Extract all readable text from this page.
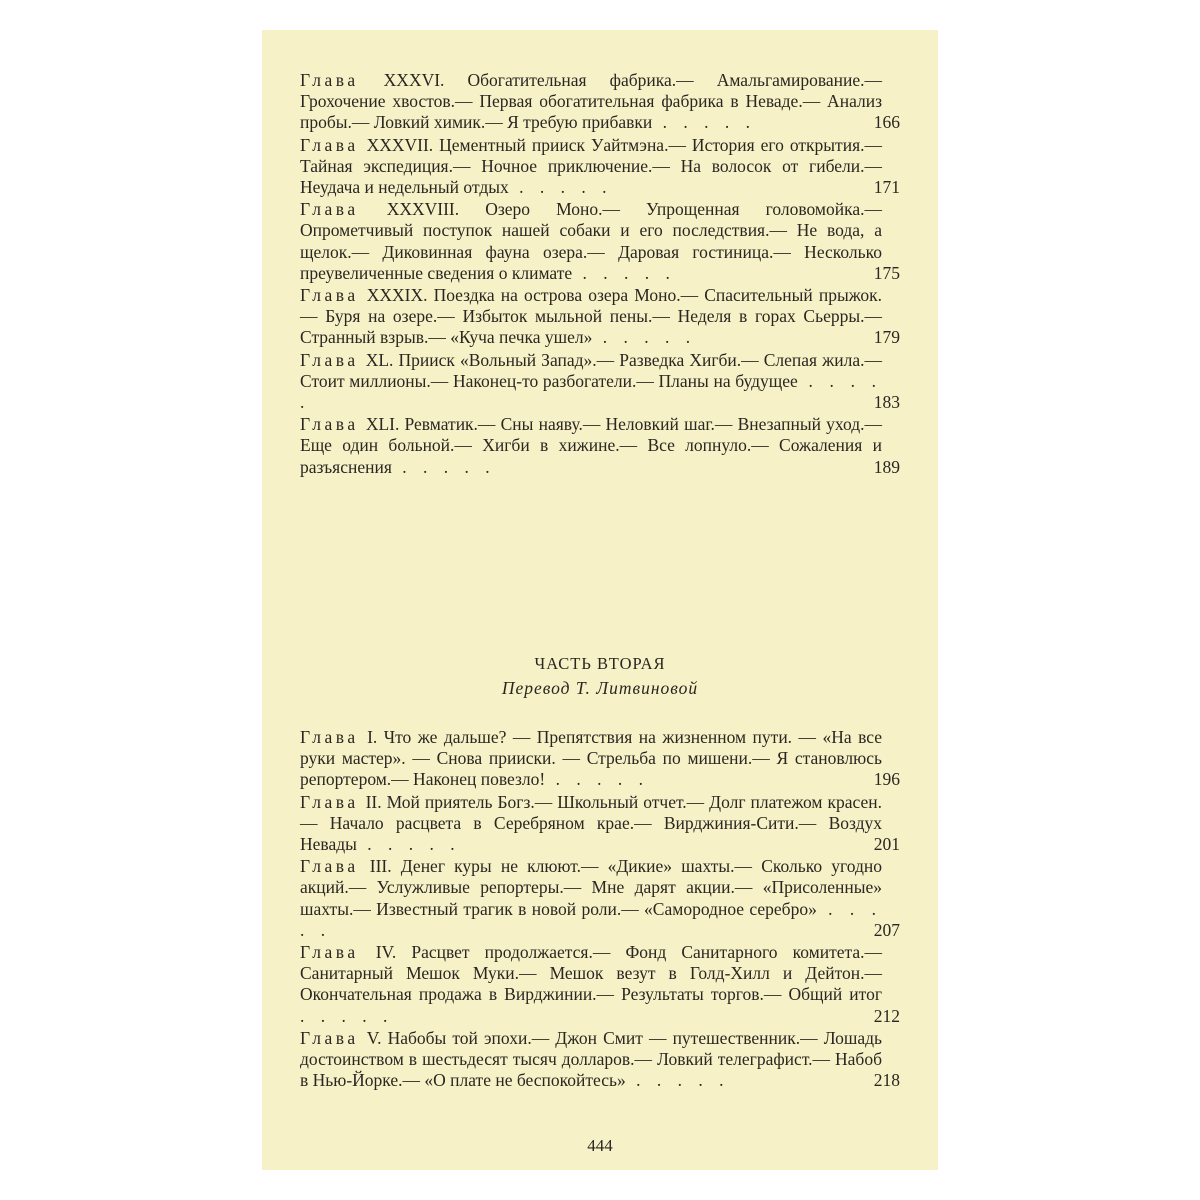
Глава XXXVI. Обогатительная фабрика.— Амальгамирование.— Грохочение хвостов.— Первая обогатительная фабрика в Неваде.— Анализ пробы.— Ловкий химик.— Я требую прибавки . . . . .	166
Глава XXXVII. Цементный прииск Уайтмэна.— История его открытия.— Тайная экспедиция.— Ночное приключение.— На волосок от гибели.— Неудача и недельный отдых . . . . .	171
Глава XXXVIII. Озеро Моно.— Упрощенная головомойка.— Опрометчивый поступок нашей собаки и его последствия.— Не вода, а щелок.— Диковинная фауна озера.— Даровая гостиница.— Несколько преувеличенные сведения о климате . . . . .	175
Глава XXXIX. Поездка на острова озера Моно.— Спасительный прыжок.— Буря на озере.— Избыток мыльной пены.— Неделя в горах Сьерры.— Странный взрыв.— «Куча печка ушел» . . . . .	179
Глава XL. Прииск «Вольный Запад».— Разведка Хигби.— Слепая жила.— Стоит миллионы.— Наконец-то разбогатели.— Планы на будущее . . . . .	183
Глава XLI. Ревматик.— Сны наяву.— Неловкий шаг.— Внезапный уход.— Еще один больной.— Хигби в хижине.— Все лопнуло.— Сожаления и разъяснения . . . . .	189
ЧАСТЬ ВТОРАЯ
Перевод Т. Литвиновой
Глава I. Что же дальше? — Препятствия на жизненном пути. — «На все руки мастер». — Снова прииски. — Стрельба по мишени.— Я становлюсь репортером.— Наконец повезло! . . . . .	196
Глава II. Мой приятель Богз.— Школьный отчет.— Долг платежом красен.— Начало расцвета в Серебряном крае.— Вирджиния-Сити.— Воздух Невады . . . . .	201
Глава III. Денег куры не клюют.— «Дикие» шахты.— Сколько угодно акций.— Услужливые репортеры.— Мне дарят акции.— «Присоленные» шахты.— Известный трагик в новой роли.— «Самородное серебро» . . . . .	207
Глава IV. Расцвет продолжается.— Фонд Санитарного комитета.— Санитарный Мешок Муки.— Мешок везут в Голд-Хилл и Дейтон.— Окончательная продажа в Вирджинии.— Результаты торгов.— Общий итог . . . . .	212
Глава V. Набобы той эпохи.— Джон Смит — путешественник.— Лошадь достоинством в шестьдесят тысяч долларов.— Ловкий телеграфист.— Набоб в Нью-Йорке.— «О плате не беспокойтесь» . . . . .	218
444
